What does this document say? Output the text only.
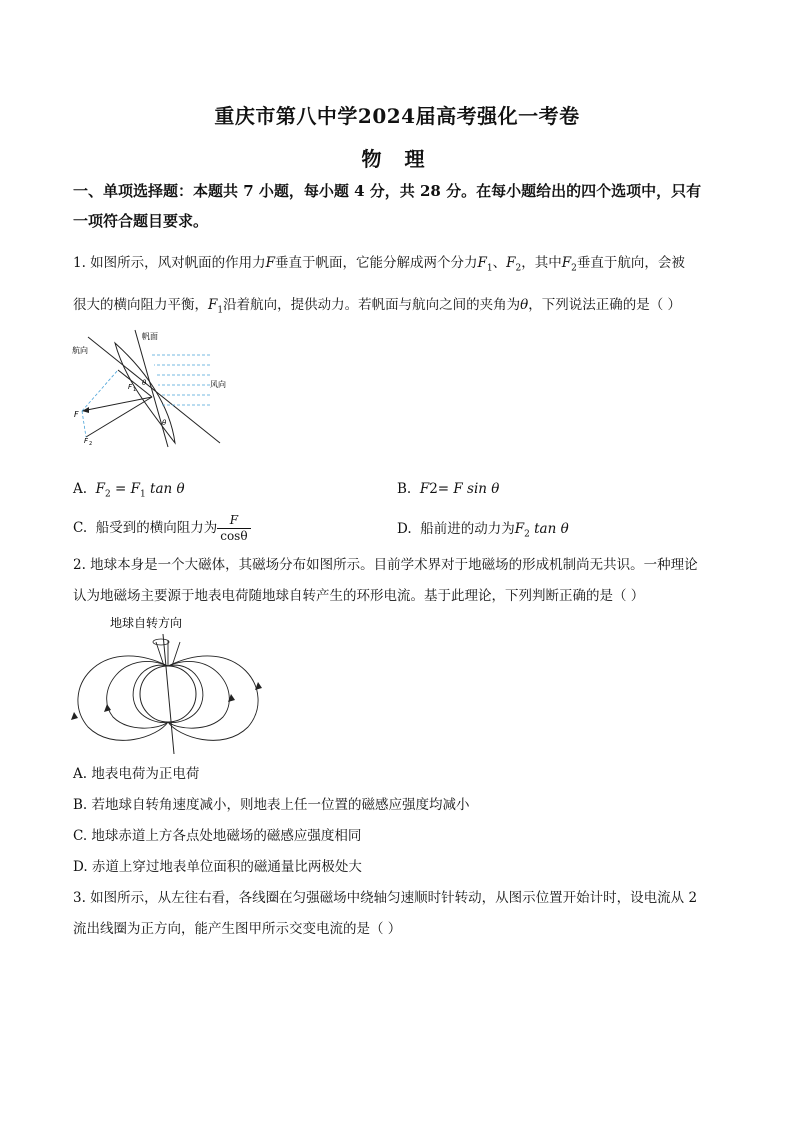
重庆市第八中学2024届高考强化一考卷
物 理
一、单项选择题：本题共 7 小题，每小题 4 分，共 28 分。在每小题给出的四个选项中，只有
一项符合题目要求。
1. 如图所示，风对帆面的作用力F垂直于帆面，它能分解成两个分力$F_1$、$F_2$，其中$F_2$垂直于航向，会被
很大的横向阻力平衡，$F_1$沿着航向，提供动力。若帆面与航向之间的夹角为θ，下列说法正确的是（ ）
航向
帆面
风向
F
F 1
F 2
θ
θ
A. $F_2 = F_1$ tan θ	B. F2= F sin θ
C. 船受到的横向阻力为 $\frac{F}{\cos\theta}$	D. 船前进的动力为$F_2$ tan θ
2. 地球本身是一个大磁体，其磁场分布如图所示。目前学术界对于地磁场的形成机制尚无共识。一种理论
认为地磁场主要源于地表电荷随地球自转产生的环形电流。基于此理论，下列判断正确的是（ ）
地球自转方向
A. 地表电荷为正电荷
B. 若地球自转角速度减小，则地表上任一位置的磁感应强度均减小
C. 地球赤道上方各点处地磁场的磁感应强度相同
D. 赤道上穿过地表单位面积的磁通量比两极处大
3. 如图所示，从左往右看，各线圈在匀强磁场中绕轴匀速顺时针转动，从图示位置开始计时，设电流从 2
流出线圈为正方向，能产生图甲所示交变电流的是（ ）
